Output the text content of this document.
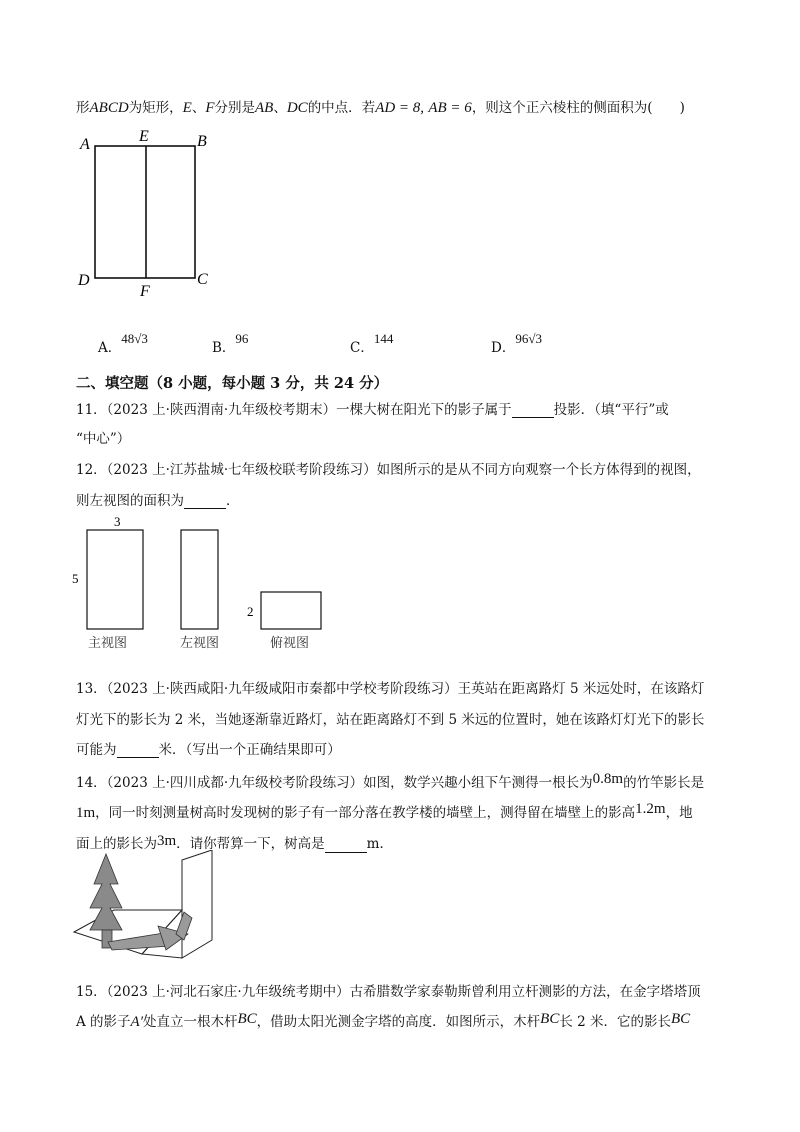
形ABCD为矩形，E、F分别是AB、DC的中点．若AD = 8, AB = 6，则这个正六棱柱的侧面积为(　　)
A	E	B
D	C
F
A．48√3
B．96
C．144
D．96√3
二、填空题（8 小题，每小题 3 分，共 24 分）
11．（2023 上·陕西渭南·九年级校考期末）一棵大树在阳光下的影子属于	投影．（填“平行”或
“中心”）
12．（2023 上·江苏盐城·七年级校联考阶段练习）如图所示的是从不同方向观察一个长方体得到的视图，
则左视图的面积为	．
3
5
2
主视图	左视图	俯视图
13．（2023 上·陕西咸阳·九年级咸阳市秦都中学校考阶段练习）王英站在距离路灯 5 米远处时，在该路灯
灯光下的影长为 2 米，当她逐渐靠近路灯，站在距离路灯不到 5 米远的位置时，她在该路灯灯光下的影长
可能为	米．（写出一个正确结果即可）
14．（2023 上·四川成都·九年级校考阶段练习）如图，数学兴趣小组下午测得一根长为0.8m的竹竿影长是
1m，同一时刻测量树高时发现树的影子有一部分落在教学楼的墙壁上，测得留在墙壁上的影高1.2m，地
面上的影长为3m．请你帮算一下，树高是	m．
15．（2023 上·河北石家庄·九年级统考期中）古希腊数学家泰勒斯曾利用立杆测影的方法，在金字塔塔顶
A 的影子A′处直立一根木杆BC，借助太阳光测金字塔的高度．如图所示，木杆BC长 2 米．它的影长BC
